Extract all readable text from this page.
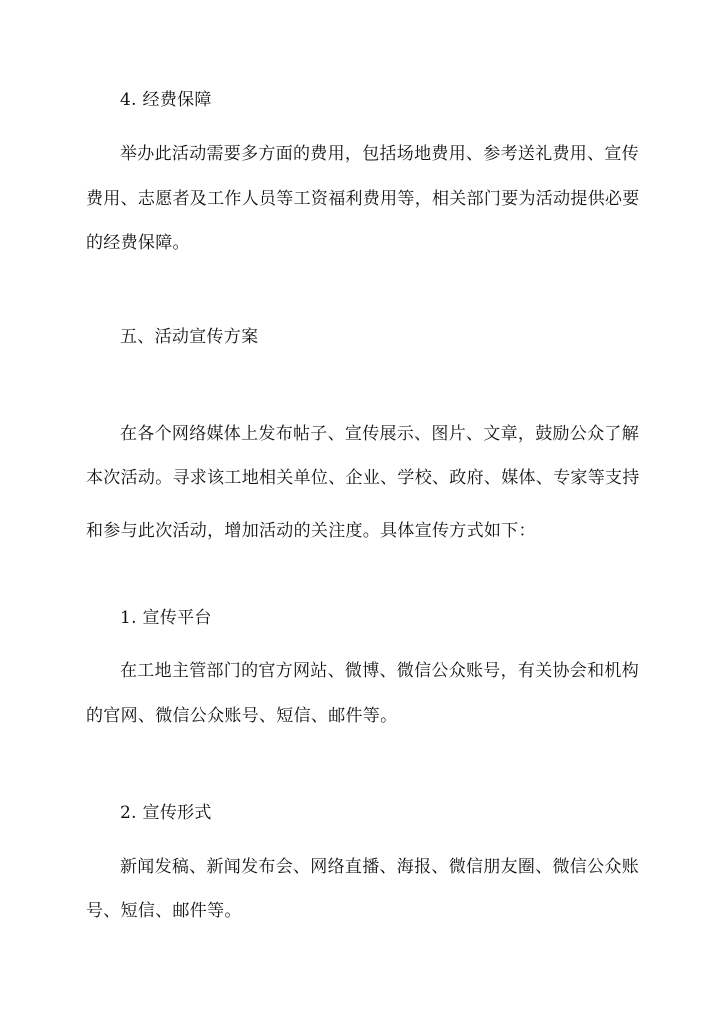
4. 经费保障
举办此活动需要多方面的费用，包括场地费用、参考送礼费用、宣传
费用、志愿者及工作人员等工资福利费用等，相关部门要为活动提供必要
的经费保障。
五、活动宣传方案
在各个网络媒体上发布帖子、宣传展示、图片、文章，鼓励公众了解
本次活动。寻求该工地相关单位、企业、学校、政府、媒体、专家等支持
和参与此次活动，增加活动的关注度。具体宣传方式如下：
1. 宣传平台
在工地主管部门的官方网站、微博、微信公众账号，有关协会和机构
的官网、微信公众账号、短信、邮件等。
2. 宣传形式
新闻发稿、新闻发布会、网络直播、海报、微信朋友圈、微信公众账
号、短信、邮件等。
